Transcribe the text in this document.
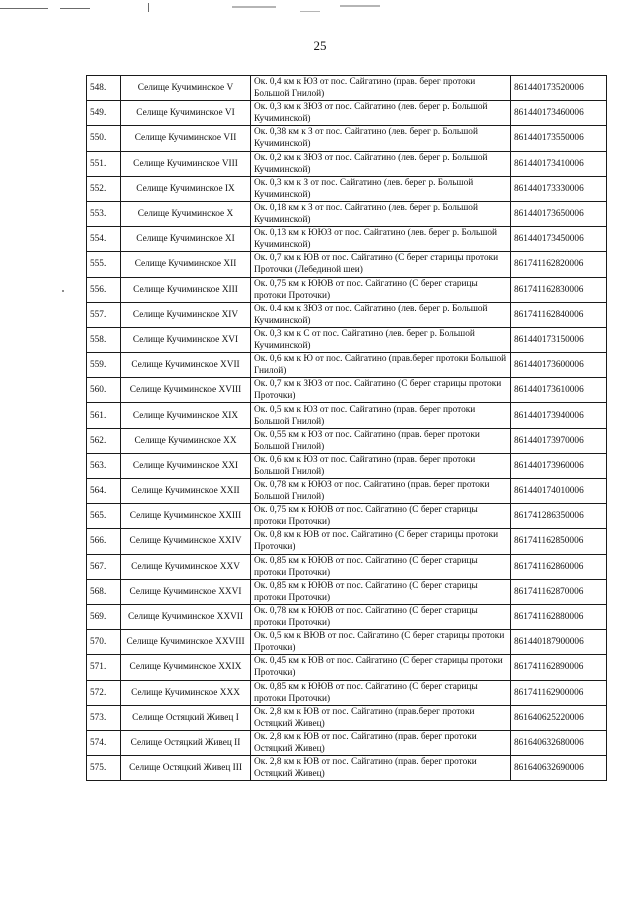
25
548.	Селище Кучиминское V	Ок. 0,4 км к ЮЗ от пос. Сайгатино (прав. берег протоки Большой Гнилой)	861440173520006
549.	Селище Кучиминское VI	Ок. 0,3 км к ЗЮЗ от пос. Сайгатино (лев. берег р. Большой Кучиминской)	861440173460006
550.	Селище Кучиминское VII	Ок. 0,38 км к З от пос. Сайгатино (лев. берег р. Большой Кучиминской)	861440173550006
551.	Селище Кучиминское VIII	Ок. 0,2 км к ЗЮЗ от пос. Сайгатино (лев. берег р. Большой Кучиминской)	861440173410006
552.	Селище Кучиминское IX	Ок. 0,3 км к З от пос. Сайгатино (лев. берег р. Большой Кучиминской)	861440173330006
553.	Селище Кучиминское X	Ок. 0,18 км к З от пос. Сайгатино (лев. берег р. Большой Кучиминской)	861440173650006
554.	Селище Кучиминское XI	Ок. 0,13 км к ЮЮЗ от пос. Сайгатино (лев. берег р. Большой Кучиминской)	861440173450006
555.	Селище Кучиминское XII	Ок. 0,7 км к ЮВ от пос. Сайгатино (С берег старицы протоки Проточки (Лебединой шеи)	861741162820006
556.	Селище Кучиминское XIII	Ок. 0,75 км к ЮЮВ от пос. Сайгатино (С берег старицы протоки Проточки)	861741162830006
557.	Селище Кучиминское XIV	Ок. 0.4 км к ЗЮЗ от пос. Сайгатино (лев. берег р. Большой Кучиминской)	861741162840006
558.	Селище Кучиминское XVI	Ок. 0,3 км к С от пос. Сайгатино (лев. берег р. Большой Кучиминской)	861440173150006
559.	Селище Кучиминское XVII	Ок. 0,6 км к Ю от пос. Сайгатино (прав.берег протоки Большой Гнилой)	861440173600006
560.	Селище Кучиминское XVIII	Ок. 0,7 км к ЗЮЗ от пос. Сайгатино (С берег старицы протоки Проточки)	861440173610006
561.	Селище Кучиминское XIX	Ок. 0,5 км к ЮЗ от пос. Сайгатино (прав. берег протоки Большой Гнилой)	861440173940006
562.	Селище Кучиминское XX	Ок. 0,55 км к ЮЗ от пос. Сайгатино (прав. берег протоки Большой Гнилой)	861440173970006
563.	Селище Кучиминское XXI	Ок. 0,6 км к ЮЗ от пос. Сайгатино (прав. берег протоки Большой Гнилой)	861440173960006
564.	Селище Кучиминское XXII	Ок. 0,78 км к ЮЮЗ от пос. Сайгатино (прав. берег протоки Большой Гнилой)	861440174010006
565.	Селище Кучиминское XXIII	Ок. 0,75 км к ЮЮВ от пос. Сайгатино (С берег старицы протоки Проточки)	861741286350006
566.	Селище Кучиминское XXIV	Ок. 0,8 км к ЮВ от пос. Сайгатино (С берег старицы протоки Проточки)	861741162850006
567.	Селище Кучиминское XXV	Ок. 0,85 км к ЮЮВ от пос. Сайгатино (С берег старицы протоки Проточки)	861741162860006
568.	Селище Кучиминское XXVI	Ок. 0,85 км к ЮЮВ от пос. Сайгатино (С берег старицы протоки Проточки)	861741162870006
569.	Селище Кучиминское XXVII	Ок. 0,78 км к ЮЮВ от пос. Сайгатино (С берег старицы протоки Проточки)	861741162880006
570.	Селище Кучиминское XXVIII	Ок. 0,5 км к ВЮВ от пос. Сайгатино (С берег старицы протоки Проточки)	861440187900006
571.	Селище Кучиминское XXIX	Ок. 0,45 км к ЮВ от пос. Сайгатино (С берег старицы протоки Проточки)	861741162890006
572.	Селище Кучиминское XXX	Ок. 0,85 км к ЮЮВ от пос. Сайгатино (С берег старицы протоки Проточки)	861741162900006
573.	Селище Остяцкий Живец I	Ок. 2,8 км к ЮВ от пос. Сайгатино (прав.берег протоки Остяцкий Живец)	861640625220006
574.	Селище Остяцкий Живец II	Ок. 2,8 км к ЮВ от пос. Сайгатино (прав. берег протоки Остяцкий Живец)	861640632680006
575.	Селище Остяцкий Живец III	Ок. 2,8 км к ЮВ от пос. Сайгатино (прав. берег протоки Остяцкий Живец)	861640632690006
